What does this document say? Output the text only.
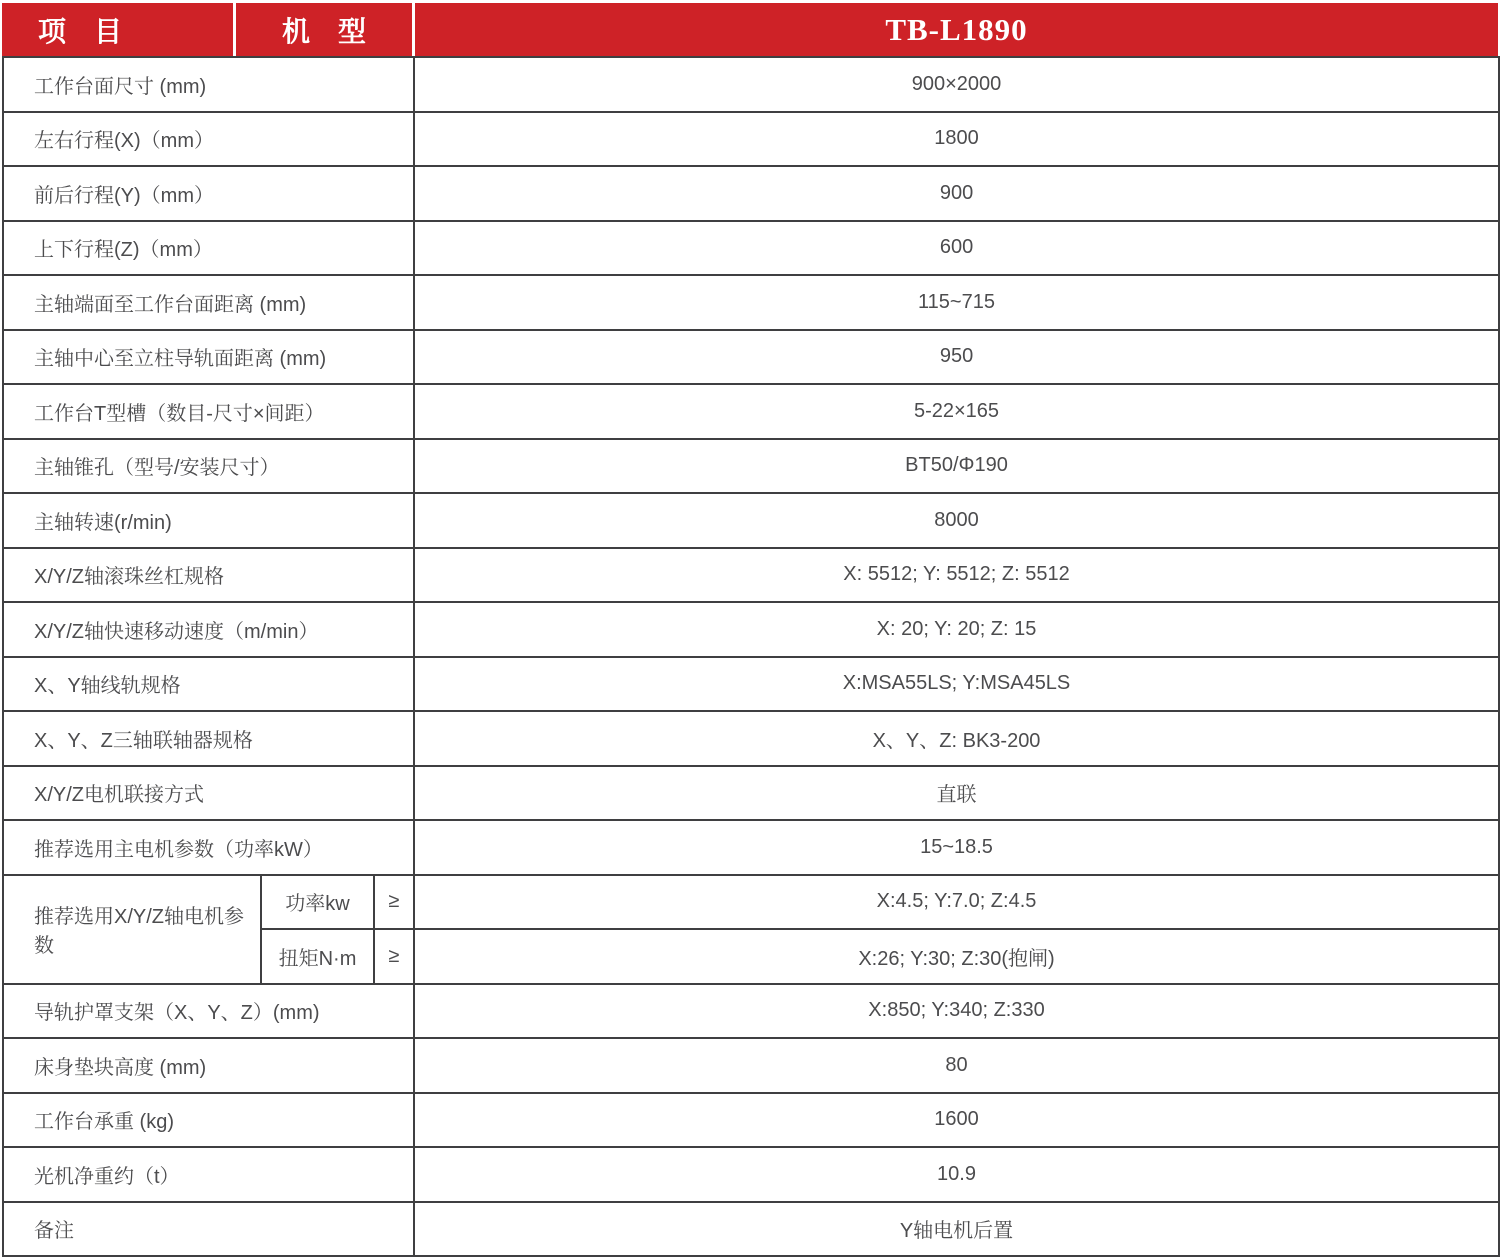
项　目	机　型	TB-L1890
工作台面尺寸 (mm)			900×2000
左右行程(X)（mm）			1800
前后行程(Y)（mm）			900
上下行程(Z)（mm）			600
主轴端面至工作台面距离 (mm)			115~715
主轴中心至立柱导轨面距离 (mm)			950
工作台T型槽（数目-尺寸×间距）			5-22×165
主轴锥孔（型号/安装尺寸）			BT50/Φ190
主轴转速(r/min)			8000
X/Y/Z轴滚珠丝杠规格			X: 5512; Y: 5512; Z: 5512
X/Y/Z轴快速移动速度（m/min）			X: 20; Y: 20; Z: 15
X、Y轴线轨规格			X:MSA55LS; Y:MSA45LS
X、Y、Z三轴联轴器规格			X、Y、Z: BK3-200
X/Y/Z电机联接方式			直联
推荐选用主电机参数（功率kW）			15~18.5
推荐选用X/Y/Z轴电机参数	功率kw	≥	X:4.5; Y:7.0; Z:4.5
	扭矩N·m	≥	X:26; Y:30; Z:30(抱闸)
导轨护罩支架（X、Y、Z）(mm)			X:850; Y:340; Z:330
床身垫块高度 (mm)			80
工作台承重 (kg)			1600
光机净重约（t）			10.9
备注			Y轴电机后置
